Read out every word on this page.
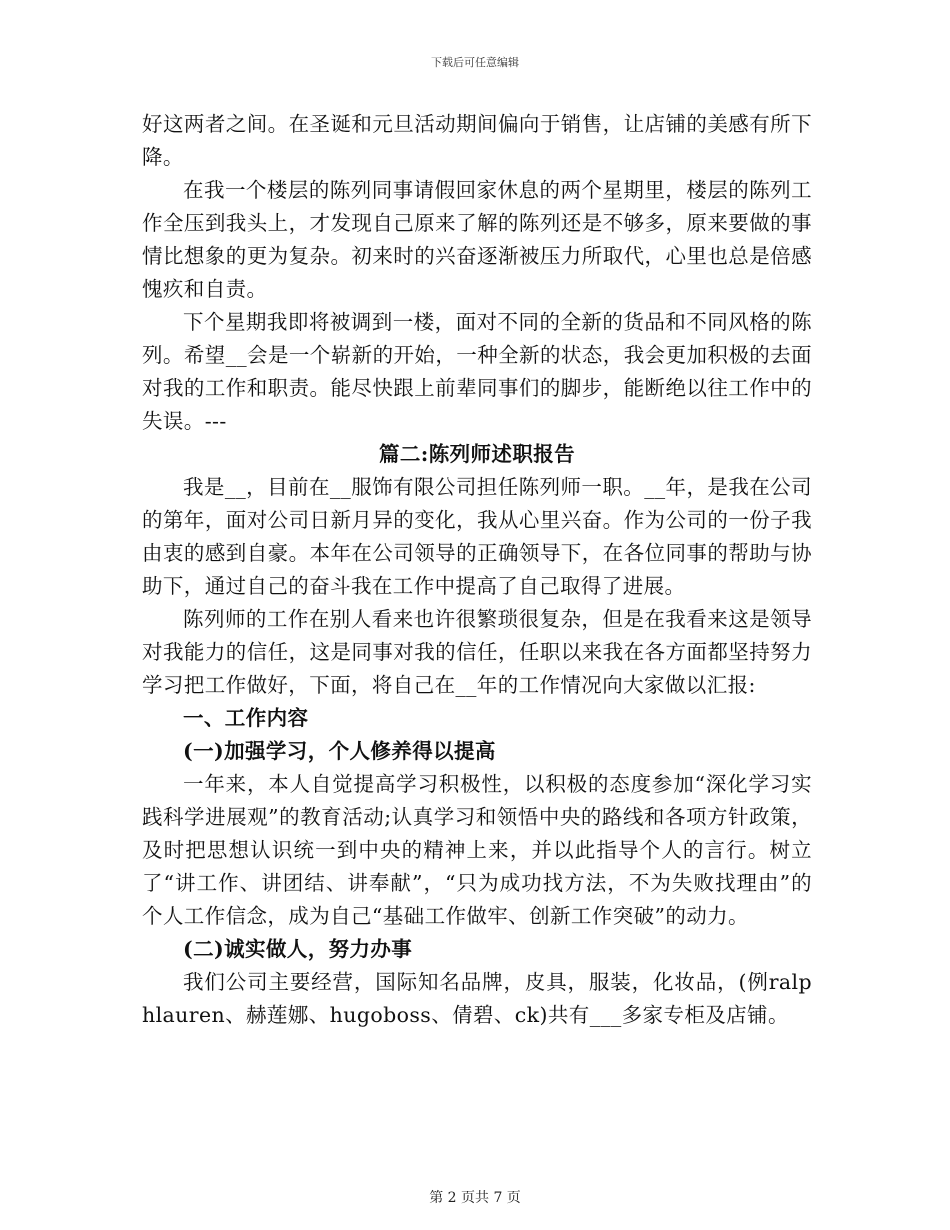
下载后可任意编辑

好这两者之间。在圣诞和元旦活动期间偏向于销售，让店铺的美感有所下降。

在我一个楼层的陈列同事请假回家休息的两个星期里，楼层的陈列工作全压到我头上，才发现自己原来了解的陈列还是不够多，原来要做的事情比想象的更为复杂。初来时的兴奋逐渐被压力所取代，心里也总是倍感愧疚和自责。

下个星期我即将被调到一楼，面对不同的全新的货品和不同风格的陈列。希望__会是一个崭新的开始，一种全新的状态，我会更加积极的去面对我的工作和职责。能尽快跟上前辈同事们的脚步，能断绝以往工作中的失误。---

篇二:陈列师述职报告

我是__，目前在__服饰有限公司担任陈列师一职。__年，是我在公司的第年，面对公司日新月异的变化，我从心里兴奋。作为公司的一份子我由衷的感到自豪。本年在公司领导的正确领导下，在各位同事的帮助与协助下，通过自己的奋斗我在工作中提高了自己取得了进展。

陈列师的工作在别人看来也许很繁琐很复杂，但是在我看来这是领导对我能力的信任，这是同事对我的信任，任职以来我在各方面都坚持努力学习把工作做好，下面，将自己在__年的工作情况向大家做以汇报:

一、工作内容

(一)加强学习，个人修养得以提高

一年来，本人自觉提高学习积极性，以积极的态度参加“深化学习实践科学进展观”的教育活动;认真学习和领悟中央的路线和各项方针政策，及时把思想认识统一到中央的精神上来，并以此指导个人的言行。树立了“讲工作、讲团结、讲奉献”，“只为成功找方法，不为失败找理由”的个人工作信念，成为自己“基础工作做牢、创新工作突破”的动力。

(二)诚实做人，努力办事

我们公司主要经营，国际知名品牌，皮具，服装，化妆品，(例ralphlauren、赫莲娜、hugoboss、倩碧、ck)共有___多家专柜及店铺。

第 2 页共 7 页
